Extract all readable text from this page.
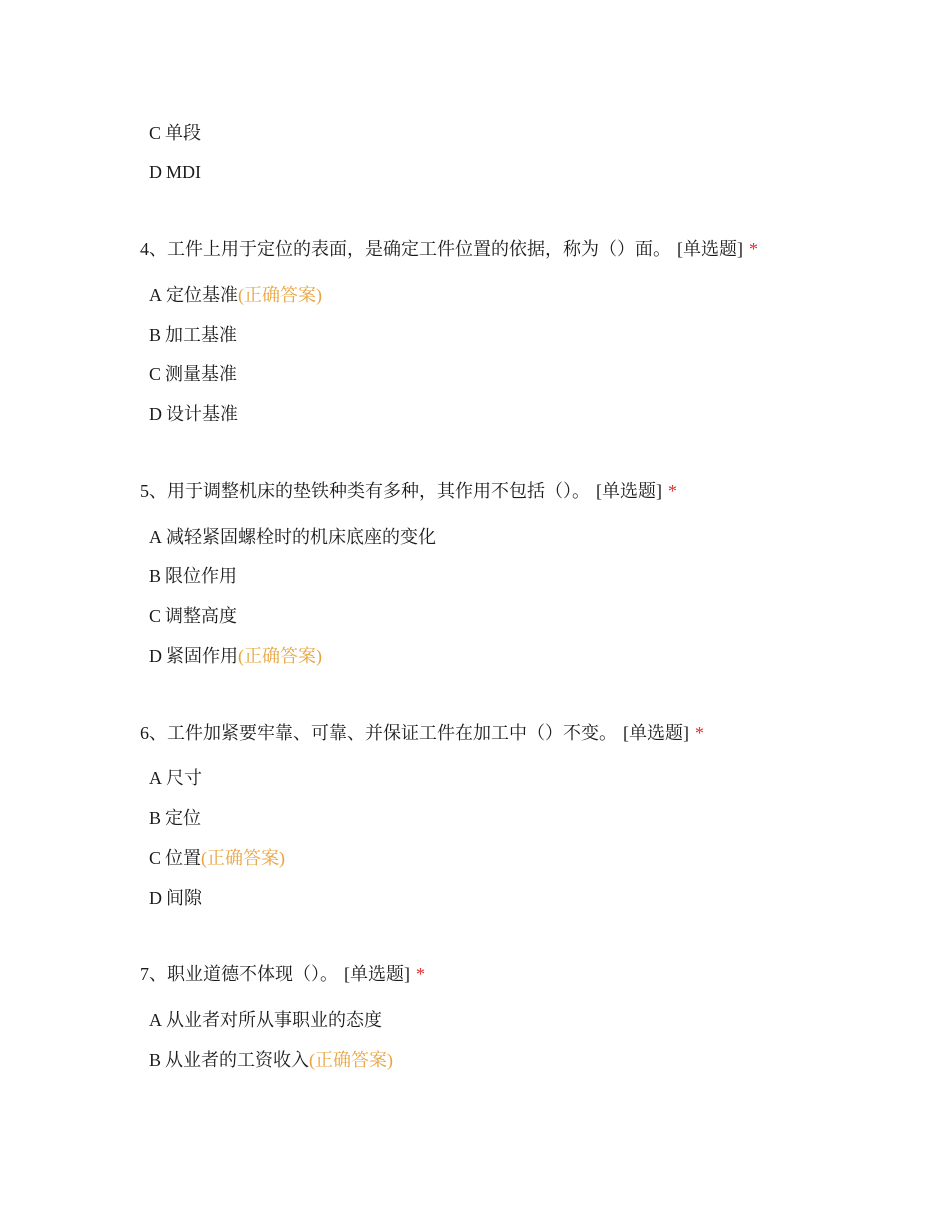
C 单段
D MDI
4、工件上用于定位的表面，是确定工件位置的依据，称为（）面。 [单选题] *
A 定位基准(正确答案)
B 加工基准
C 测量基准
D 设计基准
5、用于调整机床的垫铁种类有多种，其作用不包括（）。 [单选题] *
A 减轻紧固螺栓时的机床底座的变化
B 限位作用
C 调整高度
D 紧固作用(正确答案)
6、工件加紧要牢靠、可靠、并保证工件在加工中（）不变。 [单选题] *
A 尺寸
B 定位
C 位置(正确答案)
D 间隙
7、职业道德不体现（）。 [单选题] *
A 从业者对所从事职业的态度
B 从业者的工资收入(正确答案)
